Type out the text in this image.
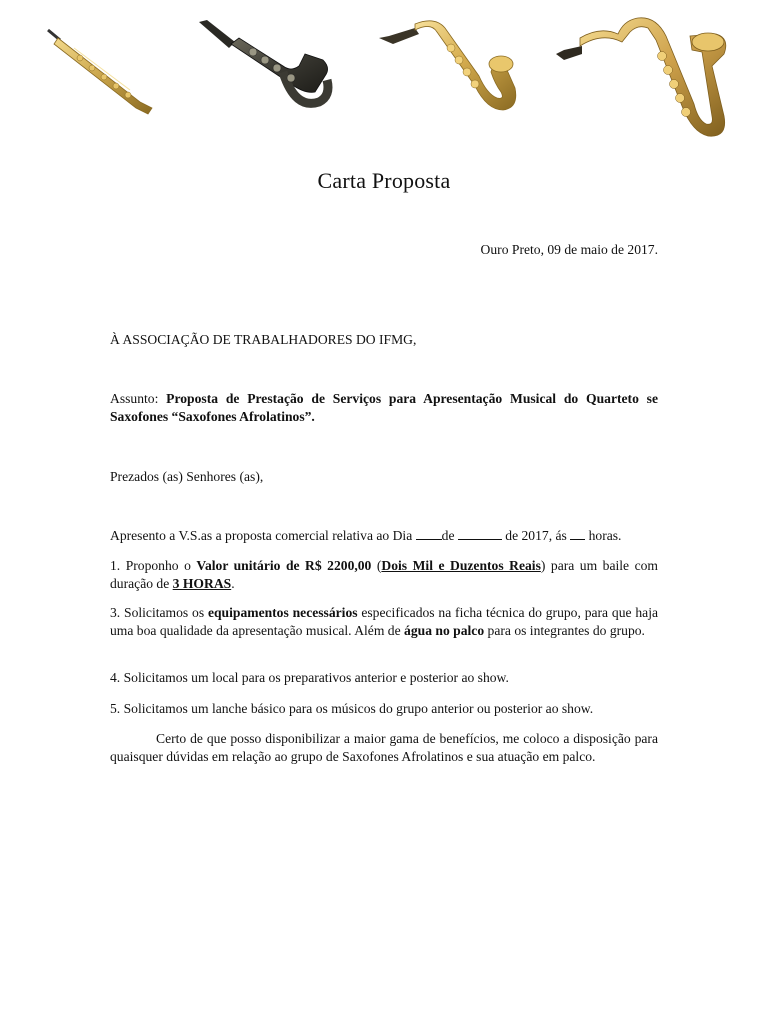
Carta Proposta
Ouro Preto, 09 de maio de 2017.
À ASSOCIAÇÃO DE TRABALHADORES DO IFMG,
Assunto: Proposta de Prestação de Serviços para Apresentação Musical do Quarteto se Saxofones “Saxofones Afrolatinos”.
Prezados (as) Senhores (as),
Apresento a V.S.as a proposta comercial relativa ao Dia de	de 2017, ás  horas.
1. Proponho o Valor unitário de R$ 2200,00 (Dois Mil e Duzentos Reais) para um baile com duração de 3 HORAS.
3. Solicitamos os equipamentos necessários especificados na ficha técnica do grupo, para que haja uma boa qualidade da apresentação musical. Além de água no palco para os integrantes do grupo.
4. Solicitamos um local para os preparativos anterior e posterior ao show.
5. Solicitamos um lanche básico para os músicos do grupo anterior ou posterior ao show.
Certo de que posso disponibilizar a maior gama de benefícios, me coloco a disposição para quaisquer dúvidas em relação ao grupo de Saxofones Afrolatinos e sua atuação em palco.
